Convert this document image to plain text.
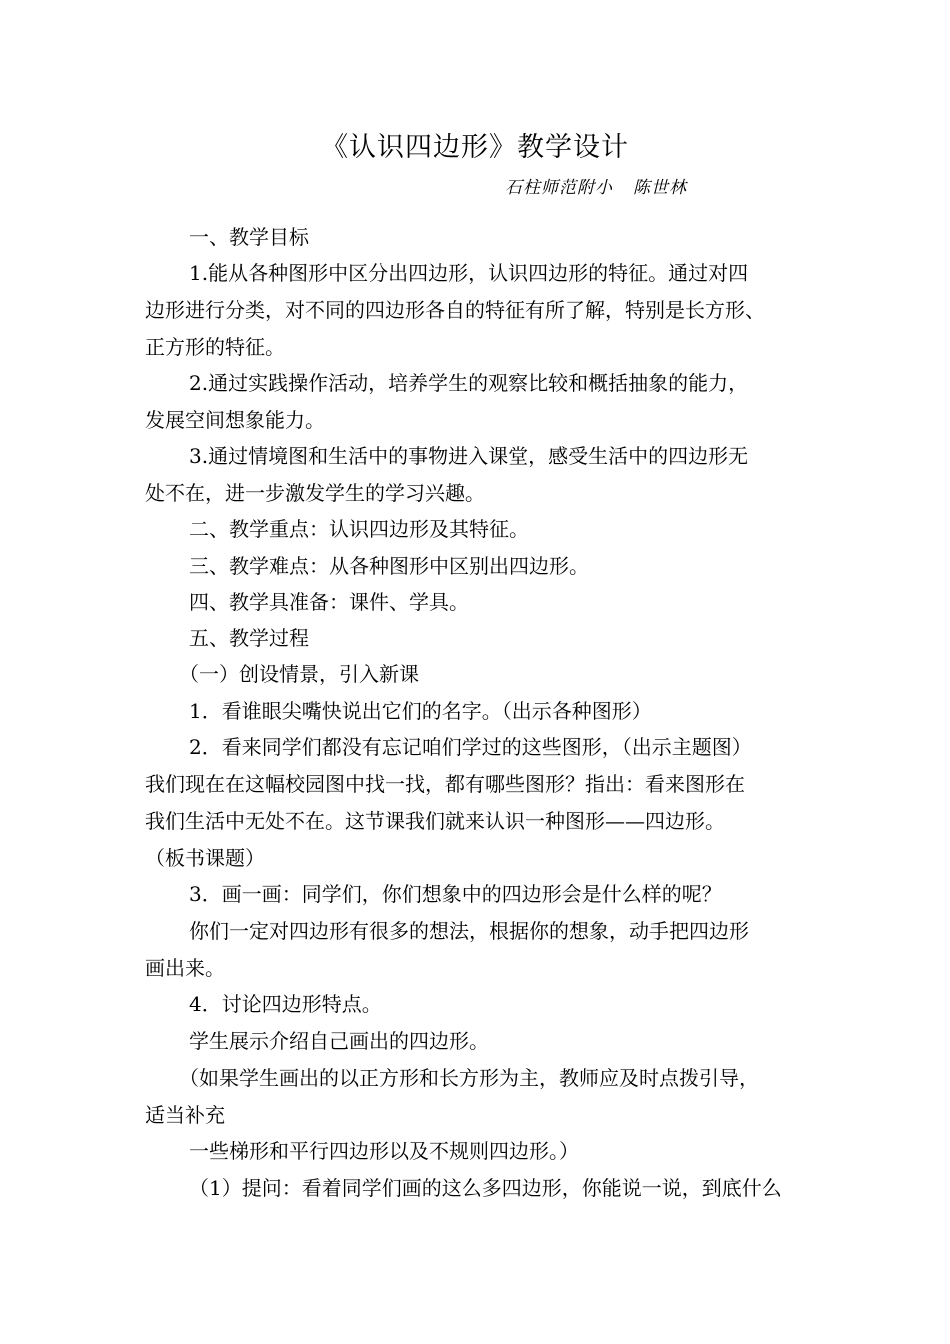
《认识四边形》教学设计
石柱师范附小 陈世林
一、教学目标
1.能从各种图形中区分出四边形，认识四边形的特征。通过对四
边形进行分类，对不同的四边形各自的特征有所了解，特别是长方形、
正方形的特征。
2.通过实践操作活动，培养学生的观察比较和概括抽象的能力，
发展空间想象能力。
3.通过情境图和生活中的事物进入课堂，感受生活中的四边形无
处不在，进一步激发学生的学习兴趣。
二、教学重点：认识四边形及其特征。
三、教学难点：从各种图形中区别出四边形。
四、教学具准备：课件、学具。
五、教学过程
（一）创设情景，引入新课
1．看谁眼尖嘴快说出它们的名字。（出示各种图形）
2．看来同学们都没有忘记咱们学过的这些图形，（出示主题图）
我们现在在这幅校园图中找一找，都有哪些图形？指出：看来图形在
我们生活中无处不在。这节课我们就来认识一种图形——四边形。
（板书课题）
3．画一画：同学们，你们想象中的四边形会是什么样的呢？
你们一定对四边形有很多的想法，根据你的想象，动手把四边形
画出来。
4．讨论四边形特点。
学生展示介绍自己画出的四边形。
（如果学生画出的以正方形和长方形为主，教师应及时点拨引导，
适当补充
一些梯形和平行四边形以及不规则四边形。）
（1）提问：看着同学们画的这么多四边形，你能说一说，到底什么
